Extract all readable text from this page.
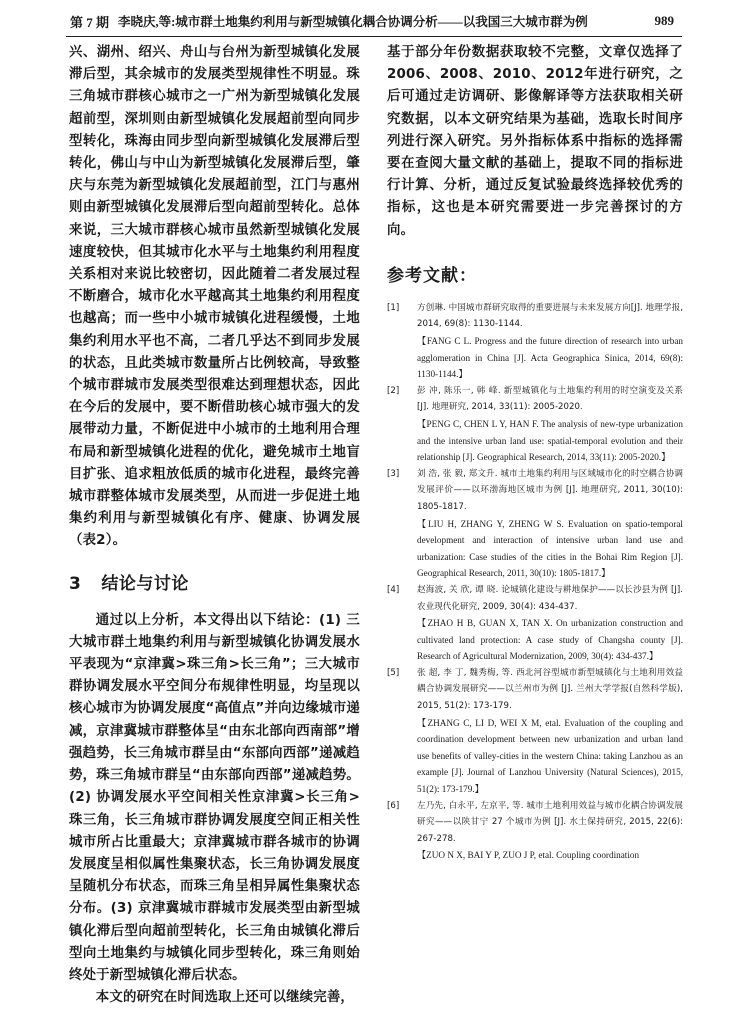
第 7 期 李晓庆,等:城市群土地集约利用与新型城镇化耦合协调分析——以我国三大城市群为例	989

兴、湖州、绍兴、舟山与台州为新型城镇化发展滞后型，其余城市的发展类型规律性不明显。珠三角城市群核心城市之一广州为新型城镇化发展超前型，深圳则由新型城镇化发展超前型向同步型转化，珠海由同步型向新型城镇化发展滞后型转化，佛山与中山为新型城镇化发展滞后型，肇庆与东莞为新型城镇化发展超前型，江门与惠州则由新型城镇化发展滞后型向超前型转化。总体来说，三大城市群核心城市虽然新型城镇化发展速度较快，但其城市化水平与土地集约利用程度关系相对来说比较密切，因此随着二者发展过程不断磨合，城市化水平越高其土地集约利用程度也越高；而一些中小城市城镇化进程缓慢，土地集约利用水平也不高，二者几乎达不到同步发展的状态，且此类城市数量所占比例较高，导致整个城市群城市发展类型很难达到理想状态，因此在今后的发展中，要不断借助核心城市强大的发展带动力量，不断促进中小城市的土地利用合理布局和新型城镇化进程的优化，避免城市土地盲目扩张、追求粗放低质的城市化进程，最终完善城市群整体城市发展类型，从而进一步促进土地集约利用与新型城镇化有序、健康、协调发展（表2）。

3 结论与讨论

通过以上分析，本文得出以下结论：(1) 三大城市群土地集约利用与新型城镇化协调发展水平表现为“京津冀>珠三角>长三角”；三大城市群协调发展水平空间分布规律性明显，均呈现以核心城市为协调发展度“高值点”并向边缘城市递减，京津冀城市群整体呈“由东北部向西南部”增强趋势，长三角城市群呈由“东部向西部”递减趋势，珠三角城市群呈“由东部向西部”递减趋势。(2) 协调发展水平空间相关性京津冀>长三角>珠三角，长三角城市群协调发展度空间正相关性城市所占比重最大；京津冀城市群各城市的协调发展度呈相似属性集聚状态，长三角协调发展度呈随机分布状态，而珠三角呈相异属性集聚状态分布。(3) 京津冀城市群城市发展类型由新型城镇化滞后型向超前型转化，长三角由城镇化滞后型向土地集约与城镇化同步型转化，珠三角则始终处于新型城镇化滞后状态。

本文的研究在时间选取上还可以继续完善，

基于部分年份数据获取较不完整，文章仅选择了2006、2008、2010、2012年进行研究，之后可通过走访调研、影像解译等方法获取相关研究数据，以本文研究结果为基础，选取长时间序列进行深入研究。另外指标体系中指标的选择需要在查阅大量文献的基础上，提取不同的指标进行计算、分析，通过反复试验最终选择较优秀的指标，这也是本研究需要进一步完善探讨的方向。

参考文献：
[1]	方创琳. 中国城市群研究取得的重要进展与未来发展方向[J]. 地理学报, 2014, 69(8): 1130-1144.
【FANG C L. Progress and the future direction of research into urban agglomeration in China [J]. Acta Geographica Sinica, 2014, 69(8): 1130-1144.】
[2]	彭 冲, 陈乐一, 韩 峰. 新型城镇化与土地集约利用的时空演变及关系 [J]. 地理研究, 2014, 33(11): 2005-2020.
【PENG C, CHEN L Y, HAN F. The analysis of new-type urbanization and the intensive urban land use: spatial-temporal evolution and their relationship [J]. Geographical Research, 2014, 33(11): 2005-2020.】
[3]	刘 浩, 张 毅, 郑文升. 城市土地集约利用与区域城市化的时空耦合协调发展评价——以环渤海地区城市为例 [J]. 地理研究, 2011, 30(10): 1805-1817.
【LIU H, ZHANG Y, ZHENG W S. Evaluation on spatio-temporal development and interaction of intensive urban land use and urbanization: Case studies of the cities in the Bohai Rim Region [J]. Geographical Research, 2011, 30(10): 1805-1817.】
[4]	赵海波, 关 欣, 谭 晓. 论城镇化建设与耕地保护——以长沙县为例 [J]. 农业现代化研究, 2009, 30(4): 434-437.
【ZHAO H B, GUAN X, TAN X. On urbanization construction and cultivated land protection: A case study of Changsha county [J]. Research of Agricultural Modernization, 2009, 30(4): 434-437.】
[5]	张 超, 李 丁, 魏秀梅, 等. 西北河谷型城市新型城镇化与土地利用效益耦合协调发展研究——以兰州市为例 [J]. 兰州大学学报(自然科学版), 2015, 51(2): 173-179.
【ZHANG C, LI D, WEI X M, etal. Evaluation of the coupling and coordination development between new urbanization and urban land use benefits of valley-cities in the western China: taking Lanzhou as an example [J]. Journal of Lanzhou University (Natural Sciences), 2015, 51(2): 173-179.】
[6]	左乃先, 白永平, 左京平, 等. 城市土地利用效益与城市化耦合协调发展研究——以陕甘宁 27 个城市为例 [J]. 水土保持研究, 2015, 22(6): 267-278.
【ZUO N X, BAI Y P, ZUO J P, etal. Coupling coordination
